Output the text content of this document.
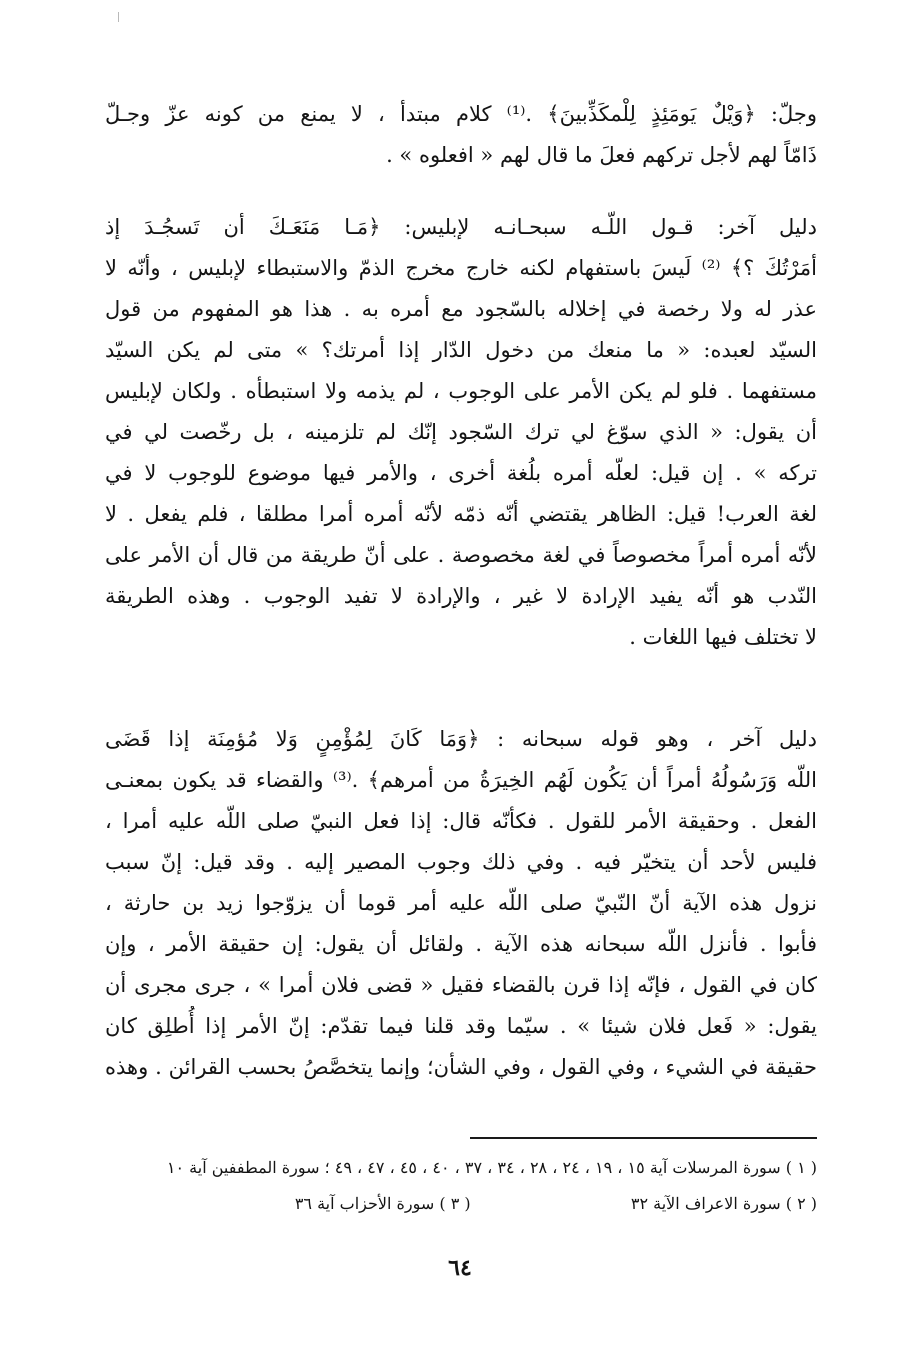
وجلّ: ﴿وَيْلٌ يَومَئِذٍ لِلْمكَذِّبينَ﴾ .⁽¹⁾ كلام مبتدأ ، لا يمنع من كونه عزّ وجـلّ
ذَامّاً لهم لأجل تركهم فعلَ ما قال لهم « افعلوه » .
دليل آخر: قـول اللّـه سبحـانـه لإبليس: ﴿مَـا مَنَعَـكَ أن تَسجُـدَ إذ
أمَرْتُكَ ؟﴾ ⁽²⁾ لَيسَ باستفهام لكنه خارج مخرج الذمّ والاستبطاء لإبليس ، وأنّه لا
عذر له ولا رخصة في إخلاله بالسّجود مع أمره به . هذا هو المفهوم من قول
السيّد لعبده: « ما منعك من دخول الدّار إذا أمرتك؟ » متى لم يكن السيّد
مستفهما . فلو لم يكن الأمر على الوجوب ، لم يذمه ولا استبطأه . ولكان لإبليس
أن يقول: « الذي سوّغ لي ترك السّجود إنّك لم تلزمينه ، بل رخّصت لي في
تركه » . إن قيل: لعلّه أمره بلُغة أخرى ، والأمر فيها موضوع للوجوب لا في
لغة العرب! قيل: الظاهر يقتضي أنّه ذمّه لأنّه أمره أمرا مطلقا ، فلم يفعل . لا
لأنّه أمره أمراً مخصوصاً في لغة مخصوصة . على أنّ طريقة من قال أن الأمر على
النّدب هو أنّه يفيد الإرادة لا غير ، والإرادة لا تفيد الوجوب . وهذه الطريقة
لا تختلف فيها اللغات .
دليل آخر ، وهو قوله سبحانه : ﴿وَمَا كَانَ لِمُؤْمِنٍ وَلا مُؤمِنَة إذا قَضَى
اللّه وَرَسُولُهُ أمراً أن يَكُون لَهُم الخِيرَةُ من أمرهم﴾ .⁽³⁾ والقضاء قد يكون بمعنـى
الفعل . وحقيقة الأمر للقول . فكأنّه قال: إذا فعل النبيّ صلى اللّه عليه أمرا ،
فليس لأحد أن يتخيّر فيه . وفي ذلك وجوب المصير إليه . وقد قيل: إنّ سبب
نزول هذه الآية أنّ النّبيّ صلى اللّه عليه أمر قوما أن يزوّجوا زيد بن حارثة ،
فأبوا . فأنزل اللّه سبحانه هذه الآية . ولقائل أن يقول: إن حقيقة الأمر ، وإن
كان في القول ، فإنّه إذا قرن بالقضاء فقيل « قضى فلان أمرا » ، جرى مجرى أن
يقول: « فَعل فلان شيئا » . سيّما وقد قلنا فيما تقدّم: إنّ الأمر إذا أُطلِق كان
حقيقة في الشيء ، وفي القول ، وفي الشأن؛ وإنما يتخصَّصُ بحسب القرائن . وهذه
( ١ ) سورة المرسلات آية ١٥ ، ١٩ ، ٢٤ ، ٢٨ ، ٣٤ ، ٣٧ ، ٤٠ ، ٤٥ ، ٤٧ ، ٤٩ ؛ سورة المطففين آية ١٠
( ٢ ) سورة الاعراف الآية ٣٢  ( ٣ ) سورة الأحزاب آية ٣٦
٦٤
